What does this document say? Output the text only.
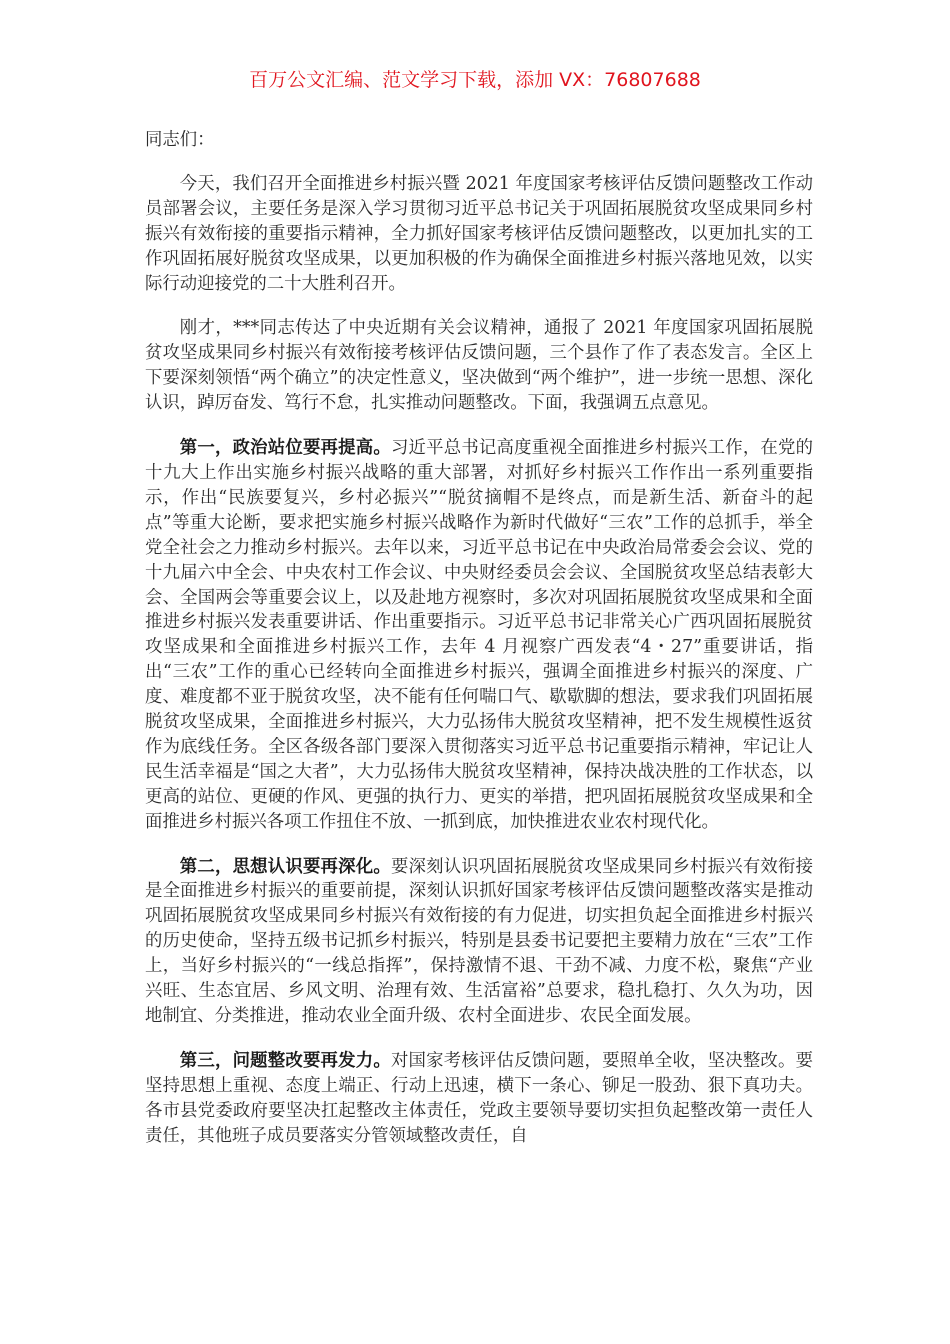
百万公文汇编、范文学习下载，添加 VX：76807688

同志们：

今天，我们召开全面推进乡村振兴暨 2021 年度国家考核评估反馈问题整改工作动员部署会议，主要任务是深入学习贯彻习近平总书记关于巩固拓展脱贫攻坚成果同乡村振兴有效衔接的重要指示精神，全力抓好国家考核评估反馈问题整改，以更加扎实的工作巩固拓展好脱贫攻坚成果，以更加积极的作为确保全面推进乡村振兴落地见效，以实际行动迎接党的二十大胜利召开。

刚才，***同志传达了中央近期有关会议精神，通报了 2021 年度国家巩固拓展脱贫攻坚成果同乡村振兴有效衔接考核评估反馈问题，三个县作了作了表态发言。全区上下要深刻领悟“两个确立”的决定性意义，坚决做到“两个维护”，进一步统一思想、深化认识，踔厉奋发、笃行不怠，扎实推动问题整改。下面，我强调五点意见。

第一，政治站位要再提高。习近平总书记高度重视全面推进乡村振兴工作，在党的十九大上作出实施乡村振兴战略的重大部署，对抓好乡村振兴工作作出一系列重要指示，作出“民族要复兴，乡村必振兴”“脱贫摘帽不是终点，而是新生活、新奋斗的起点”等重大论断，要求把实施乡村振兴战略作为新时代做好“三农”工作的总抓手，举全党全社会之力推动乡村振兴。去年以来，习近平总书记在中央政治局常委会会议、党的十九届六中全会、中央农村工作会议、中央财经委员会会议、全国脱贫攻坚总结表彰大会、全国两会等重要会议上，以及赴地方视察时，多次对巩固拓展脱贫攻坚成果和全面推进乡村振兴发表重要讲话、作出重要指示。习近平总书记非常关心广西巩固拓展脱贫攻坚成果和全面推进乡村振兴工作，去年 4 月视察广西发表“4・27”重要讲话，指出“三农”工作的重心已经转向全面推进乡村振兴，强调全面推进乡村振兴的深度、广度、难度都不亚于脱贫攻坚，决不能有任何喘口气、歇歇脚的想法，要求我们巩固拓展脱贫攻坚成果，全面推进乡村振兴，大力弘扬伟大脱贫攻坚精神，把不发生规模性返贫作为底线任务。全区各级各部门要深入贯彻落实习近平总书记重要指示精神，牢记让人民生活幸福是“国之大者”，大力弘扬伟大脱贫攻坚精神，保持决战决胜的工作状态，以更高的站位、更硬的作风、更强的执行力、更实的举措，把巩固拓展脱贫攻坚成果和全面推进乡村振兴各项工作扭住不放、一抓到底，加快推进农业农村现代化。

第二，思想认识要再深化。要深刻认识巩固拓展脱贫攻坚成果同乡村振兴有效衔接是全面推进乡村振兴的重要前提，深刻认识抓好国家考核评估反馈问题整改落实是推动巩固拓展脱贫攻坚成果同乡村振兴有效衔接的有力促进，切实担负起全面推进乡村振兴的历史使命，坚持五级书记抓乡村振兴，特别是县委书记要把主要精力放在“三农”工作上，当好乡村振兴的“一线总指挥”，保持激情不退、干劲不减、力度不松，聚焦“产业兴旺、生态宜居、乡风文明、治理有效、生活富裕”总要求，稳扎稳打、久久为功，因地制宜、分类推进，推动农业全面升级、农村全面进步、农民全面发展。

第三，问题整改要再发力。对国家考核评估反馈问题，要照单全收，坚决整改。要坚持思想上重视、态度上端正、行动上迅速，横下一条心、铆足一股劲、狠下真功夫。各市县党委政府要坚决扛起整改主体责任，党政主要领导要切实担负起整改第一责任人责任，其他班子成员要落实分管领域整改责任，自
